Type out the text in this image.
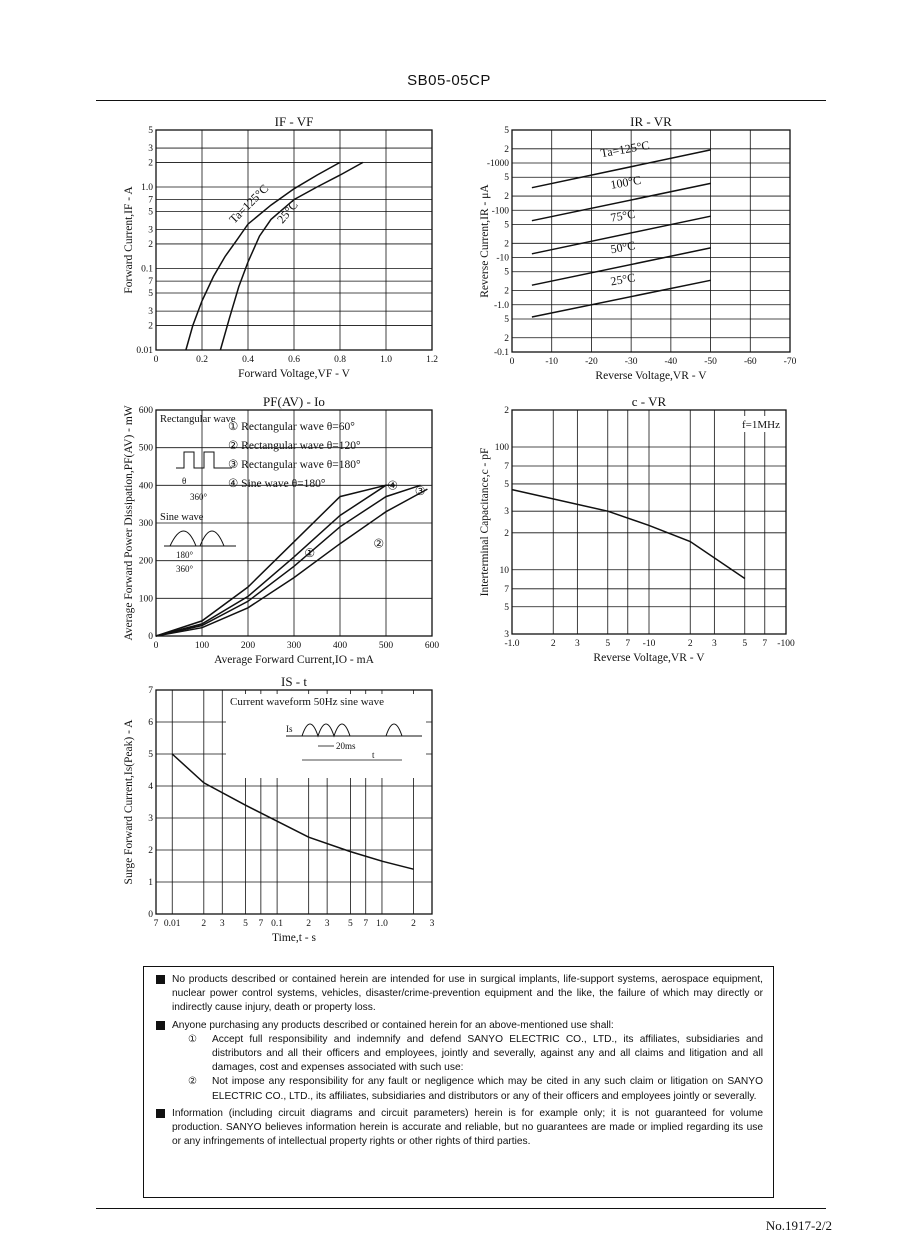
SB05-05CP
IF - VF
Forward Voltage,VF - V
Forward Current,IF - A
0	0.2	0.4	0.6	0.8	1.0	1.2
0.01
2
3
5
7
0.1
2
3
5
7
1.0
2
3
5
Ta=125°C 25°C
IR - VR
Reverse Voltage,VR - V
Reverse Current,IR - μA
0	-10	-20	-30	-40	-50	-60	-70
-0.1
2
5
-1.0
2
5
-10
2
5
-100
2
5
-1000
2
5
Ta=125°C
100°C
75°C
50°C
25°C
PF(AV) - Io
Average Forward Current,IO - mA
Average Forward Power Dissipation,PF(AV) - mW
0	100	200	300	400	500	600
0
100
200
300
400
500
600
① Rectangular wave θ=60°
② Rectangular wave θ=120°
③ Rectangular wave θ=180°
④ Sine wave θ=180°
①
②
③
④
Rectangular wave
θ
360°
Sine wave
180°
360°
c - VR
Reverse Voltage,VR - V
Interterminal Capacitance,c - pF
-1.0	2 3	5 7 -10	2 3	5 7 -100
3
5
7
10
2
3
5
7
100
2
f=1MHz
IS - t
Time,t - s
Surge Forward Current,Is(Peak) - A
7 0.01 2 3 5 7 0.1 2 3 5 7 1.0 2 3
0
1
2
3
4
5
6
7
Current waveform 50Hz sine wave
Is
20ms
t
No products described or contained herein are intended for use in surgical implants, life-support systems, aerospace equipment, nuclear power control systems, vehicles, disaster/crime-prevention equipment and the like, the failure of which may directly or indirectly cause injury, death or property loss.
Anyone purchasing any products described or contained herein for an above-mentioned use shall:
① Accept full responsibility and indemnify and defend SANYO ELECTRIC CO., LTD., its affiliates, subsidiaries and distributors and all their officers and employees, jointly and severally, against any and all claims and litigation and all damages, cost and expenses associated with such use:
② Not impose any responsibility for any fault or negligence which may be cited in any such claim or litigation on SANYO ELECTRIC CO., LTD., its affiliates, subsidiaries and distributors or any of their officers and employees jointly or severally.
Information (including circuit diagrams and circuit parameters) herein is for example only; it is not guaranteed for volume production. SANYO believes information herein is accurate and reliable, but no guarantees are made or implied regarding its use or any infringements of intellectual property rights or other rights of third parties.
No.1917-2/2
